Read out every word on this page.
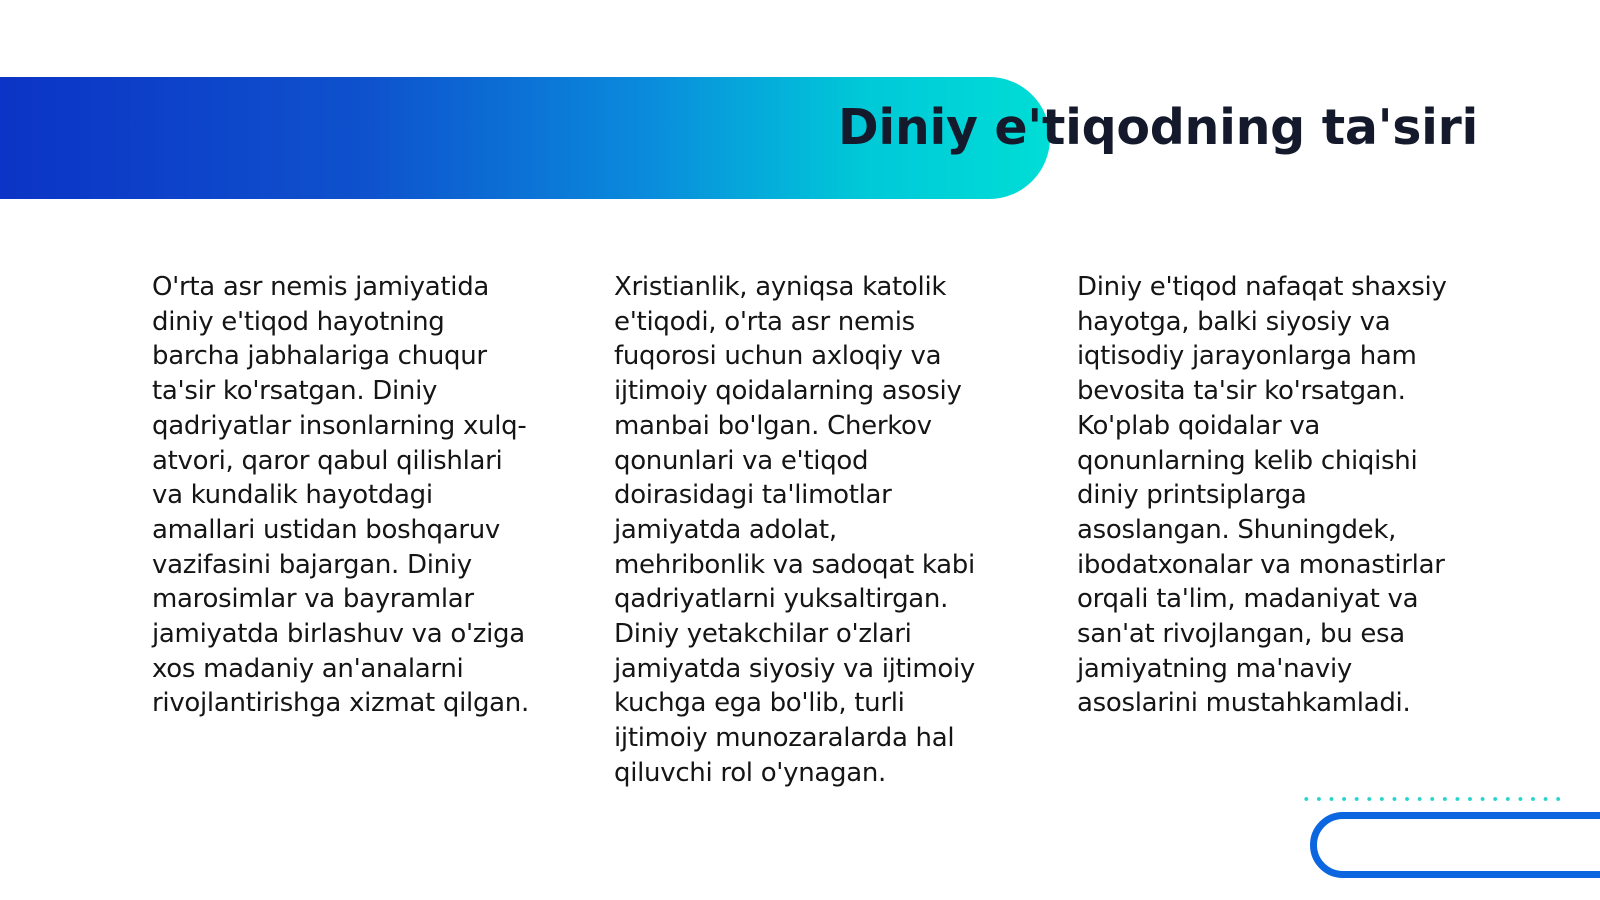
Diniy e'tiqodning ta'siri

O'rta asr nemis jamiyatida diniy e'tiqod hayotning barcha jabhalariga chuqur ta'sir ko'rsatgan. Diniy qadriyatlar insonlarning xulq-atvori, qaror qabul qilishlari va kundalik hayotdagi amallari ustidan boshqaruv vazifasini bajargan. Diniy marosimlar va bayramlar jamiyatda birlashuv va o'ziga xos madaniy an'analarni rivojlantirishga xizmat qilgan.

Xristianlik, ayniqsa katolik e'tiqodi, o'rta asr nemis fuqorosi uchun axloqiy va ijtimoiy qoidalarning asosiy manbai bo'lgan. Cherkov qonunlari va e'tiqod doirasidagi ta'limotlar jamiyatda adolat, mehribonlik va sadoqat kabi qadriyatlarni yuksaltirgan. Diniy yetakchilar o'zlari jamiyatda siyosiy va ijtimoiy kuchga ega bo'lib, turli ijtimoiy munozaralarda hal qiluvchi rol o'ynagan.

Diniy e'tiqod nafaqat shaxsiy hayotga, balki siyosiy va iqtisodiy jarayonlarga ham bevosita ta'sir ko'rsatgan. Ko'plab qoidalar va qonunlarning kelib chiqishi diniy printsiplarga asoslangan. Shuningdek, ibodatxonalar va monastirlar orqali ta'lim, madaniyat va san'at rivojlangan, bu esa jamiyatning ma'naviy asoslarini mustahkamladi.
